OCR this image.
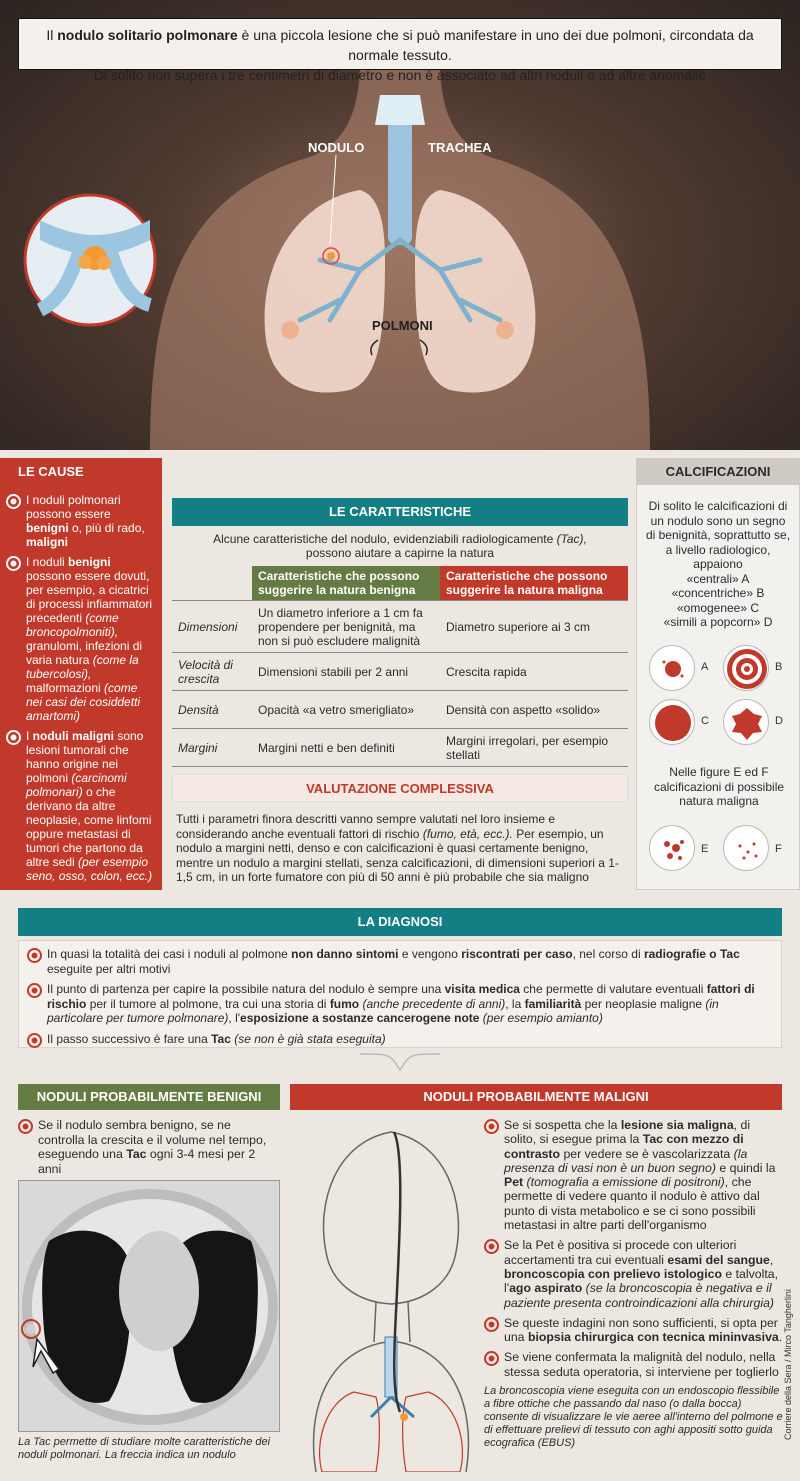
Il nodulo solitario polmonare è una piccola lesione che si può manifestare in uno dei due polmoni, circondata da normale tessuto.
Di solito non supera i tre centimetri di diametro e non è associato ad altri noduli o ad altre anomalie
NODULO	TRACHEA
POLMONI
LE CAUSE
I noduli polmonari possono essere benigni o, più di rado, maligni
I noduli benigni possono essere dovuti, per esempio, a cicatrici di processi infiammatori precedenti (come broncopolmoniti), granulomi, infezioni di varia natura (come la tubercolosi), malformazioni (come nei casi dei cosiddetti amartomi)
I noduli maligni sono lesioni tumorali che hanno origine nei polmoni (carcinomi polmonari) o che derivano da altre neoplasie, come linfomi oppure metastasi di tumori che partono da altre sedi (per esempio seno, osso, colon, ecc.)
LE CARATTERISTICHE
Alcune caratteristiche del nodulo, evidenziabili radiologicamente (Tac),
possono aiutare a capirne la natura
	Caratteristiche che possono suggerire la natura benigna	Caratteristiche che possono suggerire la natura maligna
Dimensioni	Un diametro inferiore a 1 cm fa propendere per benignità, ma non si può escludere malignità	Diametro superiore ai 3 cm
Velocità di crescita	Dimensioni stabili per 2 anni	Crescita rapida
Densità	Opacità «a vetro smerigliato»	Densità con aspetto «solido»
Margini	Margini netti e ben definiti	Margini irregolari, per esempio stellati
VALUTAZIONE COMPLESSIVA
Tutti i parametri finora descritti vanno sempre valutati nel loro insieme e considerando anche eventuali fattori di rischio (fumo, età, ecc.). Per esempio, un nodulo a margini netti, denso e con calcificazioni è quasi certamente benigno, mentre un nodulo a margini stellati, senza calcificazioni, di dimensioni superiori a 1-1,5 cm, in un forte fumatore con più di 50 anni è più probabile che sia maligno
CALCIFICAZIONI
Di solito le calcificazioni di un nodulo sono un segno di benignità, soprattutto se, a livello radiologico, appaiono
«centrali» A
«concentriche» B
«omogenee» C
«simili a popcorn» D
A	B
C	D
Nelle figure E ed F calcificazioni di possibile natura maligna
E	F
LA DIAGNOSI
In quasi la totalità dei casi i noduli al polmone non danno sintomi e vengono riscontrati per caso, nel corso di radiografie o Tac eseguite per altri motivi
Il punto di partenza per capire la possibile natura del nodulo è sempre una visita medica che permette di valutare eventuali fattori di rischio per il tumore al polmone, tra cui una storia di fumo (anche precedente di anni), la familiarità per neoplasie maligne (in particolare per tumore polmonare), l'esposizione a sostanze cancerogene note (per esempio amianto)
Il passo successivo è fare una Tac (se non è già stata eseguita)
NODULI PROBABILMENTE BENIGNI
Se il nodulo sembra benigno, se ne controlla la crescita e il volume nel tempo, eseguendo una Tac ogni 3-4 mesi per 2 anni
La Tac permette di studiare molte caratteristiche dei noduli polmonari. La freccia indica un nodulo
NODULI PROBABILMENTE MALIGNI
Se si sospetta che la lesione sia maligna, di solito, si esegue prima la Tac con mezzo di contrasto per vedere se è vascolarizzata (la presenza di vasi non è un buon segno) e quindi la Pet (tomografia a emissione di positroni), che permette di vedere quanto il nodulo è attivo dal punto di vista metabolico e se ci sono possibili metastasi in altre parti dell'organismo
Se la Pet è positiva si procede con ulteriori accertamenti tra cui eventuali esami del sangue, broncoscopia con prelievo istologico e talvolta, l'ago aspirato (se la broncoscopia è negativa e il paziente presenta controindicazioni alla chirurgia)
Se queste indagini non sono sufficienti, si opta per una biopsia chirurgica con tecnica mininvasiva.
Se viene confermata la malignità del nodulo, nella stessa seduta operatoria, si interviene per toglierlo
La broncoscopia viene eseguita con un endoscopio flessibile a fibre ottiche che passando dal naso (o dalla bocca) consente di visualizzare le vie aeree all'interno del polmone e di effettuare prelievi di tessuto con aghi appositi sotto guida ecografica (EBUS)
Corriere della Sera / Mirco Tangherlini
